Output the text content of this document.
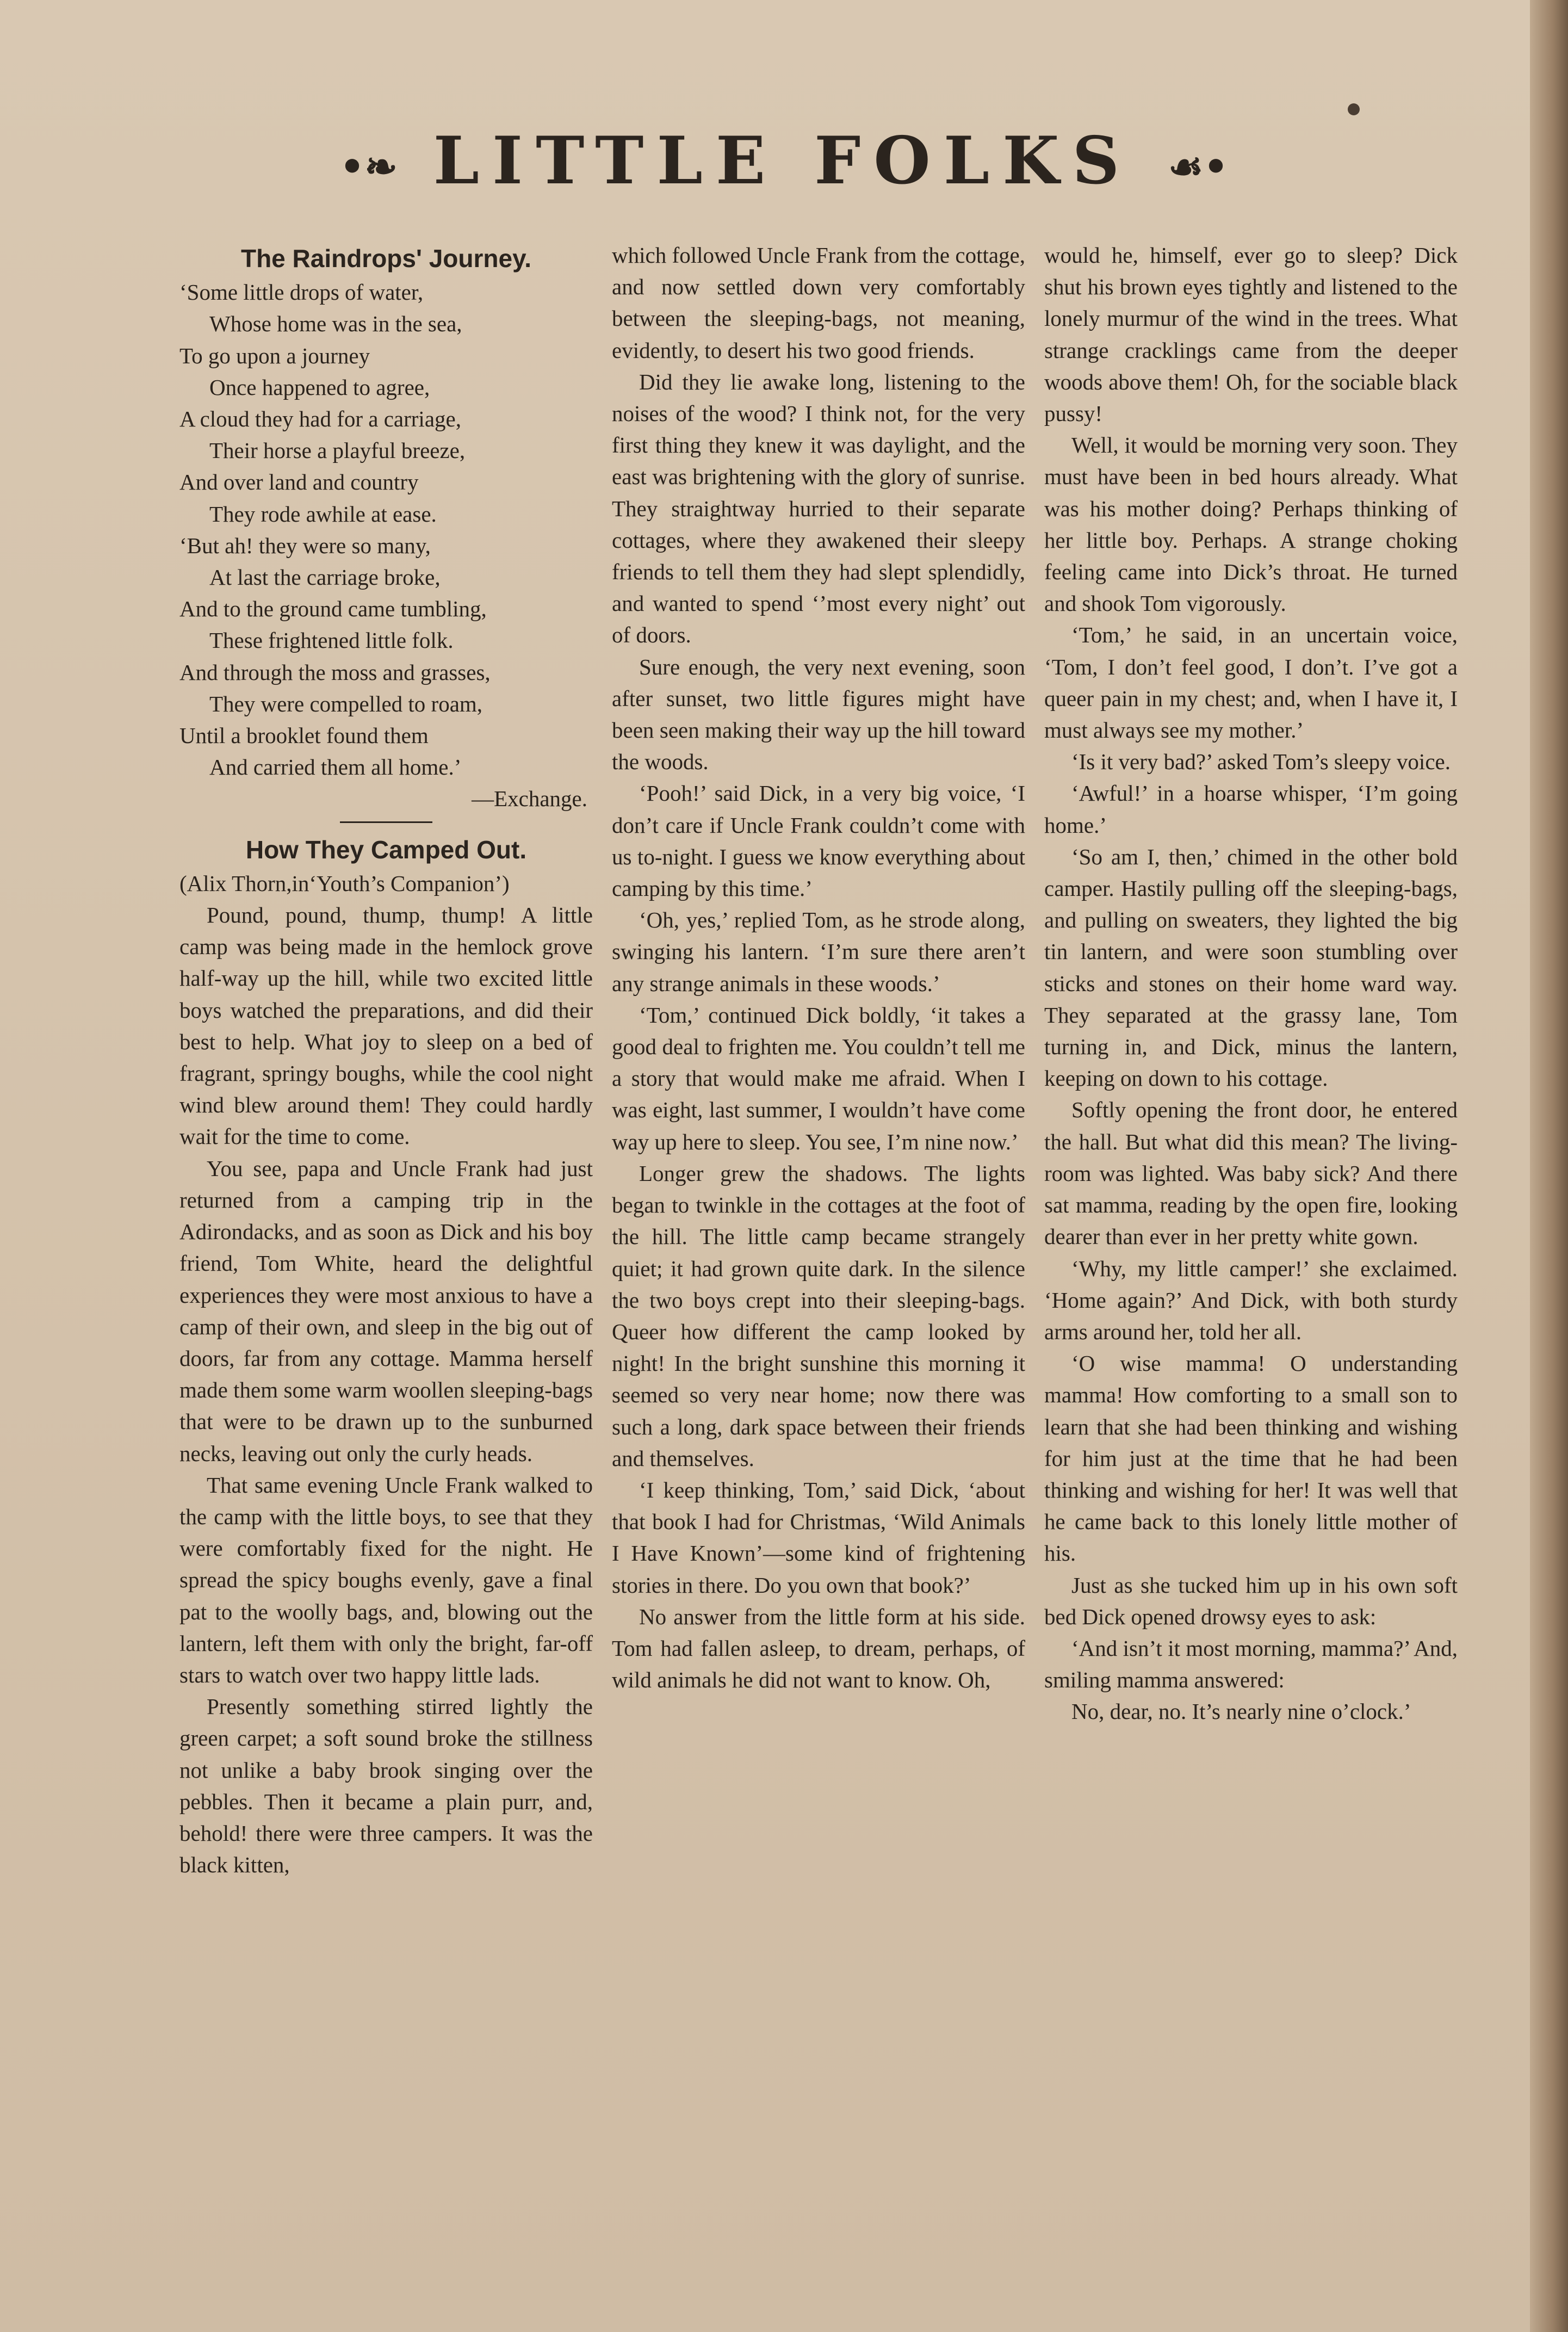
•❧ LITTLE FOLKS ☙•
The Raindrops' Journey.
‘Some little drops of water,
Whose home was in the sea,
To go upon a journey
Once happened to agree,
A cloud they had for a carriage,
Their horse a playful breeze,
And over land and country
They rode awhile at ease.
‘But ah! they were so many,
At last the carriage broke,
And to the ground came tumbling,
These frightened little folk.
And through the moss and grasses,
They were compelled to roam,
Until a brooklet found them
And carried them all home.’
—Exchange.
How They Camped Out.
(Alix Thorn,in‘Youth’s Companion’)

Pound, pound, thump, thump! A little camp was being made in the hemlock grove half-way up the hill, while two excited little boys watched the preparations, and did their best to help. What joy to sleep on a bed of fragrant, springy boughs, while the cool night wind blew around them! They could hardly wait for the time to come.

You see, papa and Uncle Frank had just returned from a camping trip in the Adirondacks, and as soon as Dick and his boy friend, Tom White, heard the delightful experiences they were most anxious to have a camp of their own, and sleep in the big out of doors, far from any cottage. Mamma herself made them some warm woollen sleeping-bags that were to be drawn up to the sunburned necks, leaving out only the curly heads.

That same evening Uncle Frank walked to the camp with the little boys, to see that they were comfortably fixed for the night. He spread the spicy boughs evenly, gave a final pat to the woolly bags, and, blowing out the lantern, left them with only the bright, far-off stars to watch over two happy little lads.

Presently something stirred lightly the green carpet; a soft sound broke the stillness not unlike a baby brook singing over the pebbles. Then it became a plain purr, and, behold! there were three campers. It was the black kitten,

which followed Uncle Frank from the cottage, and now settled down very comfortably between the sleeping-bags, not meaning, evidently, to desert his two good friends.

Did they lie awake long, listening to the noises of the wood? I think not, for the very first thing they knew it was daylight, and the east was brightening with the glory of sunrise. They straightway hurried to their separate cottages, where they awakened their sleepy friends to tell them they had slept splendidly, and wanted to spend ‘’most every night’ out of doors.

Sure enough, the very next evening, soon after sunset, two little figures might have been seen making their way up the hill toward the woods.

‘Pooh!’ said Dick, in a very big voice, ‘I don’t care if Uncle Frank couldn’t come with us to-night. I guess we know everything about camping by this time.’

‘Oh, yes,’ replied Tom, as he strode along, swinging his lantern. ‘I’m sure there aren’t any strange animals in these woods.’

‘Tom,’ continued Dick boldly, ‘it takes a good deal to frighten me. You couldn’t tell me a story that would make me afraid. When I was eight, last summer, I wouldn’t have come way up here to sleep. You see, I’m nine now.’

Longer grew the shadows. The lights began to twinkle in the cottages at the foot of the hill. The little camp became strangely quiet; it had grown quite dark. In the silence the two boys crept into their sleeping-bags. Queer how different the camp looked by night! In the bright sunshine this morning it seemed so very near home; now there was such a long, dark space between their friends and themselves.

‘I keep thinking, Tom,’ said Dick, ‘about that book I had for Christmas, ‘Wild Animals I Have Known’—some kind of frightening stories in there. Do you own that book?’

No answer from the little form at his side. Tom had fallen asleep, to dream, perhaps, of wild animals he did not want to know. Oh,

would he, himself, ever go to sleep? Dick shut his brown eyes tightly and listened to the lonely murmur of the wind in the trees. What strange cracklings came from the deeper woods above them! Oh, for the sociable black pussy!

Well, it would be morning very soon. They must have been in bed hours already. What was his mother doing? Perhaps thinking of her little boy. Perhaps. A strange choking feeling came into Dick’s throat. He turned and shook Tom vigorously.

‘Tom,’ he said, in an uncertain voice, ‘Tom, I don’t feel good, I don’t. I’ve got a queer pain in my chest; and, when I have it, I must always see my mother.’

‘Is it very bad?’ asked Tom’s sleepy voice.

‘Awful!’ in a hoarse whisper, ‘I’m going home.’

‘So am I, then,’ chimed in the other bold camper. Hastily pulling off the sleeping-bags, and pulling on sweaters, they lighted the big tin lantern, and were soon stumbling over sticks and stones on their home ward way. They separated at the grassy lane, Tom turning in, and Dick, minus the lantern, keeping on down to his cottage.

Softly opening the front door, he entered the hall. But what did this mean? The living-room was lighted. Was baby sick? And there sat mamma, reading by the open fire, looking dearer than ever in her pretty white gown.

‘Why, my little camper!’ she exclaimed. ‘Home again?’ And Dick, with both sturdy arms around her, told her all.

‘O wise mamma! O understanding mamma! How comforting to a small son to learn that she had been thinking and wishing for him just at the time that he had been thinking and wishing for her! It was well that he came back to this lonely little mother of his.

Just as she tucked him up in his own soft bed Dick opened drowsy eyes to ask:

‘And isn’t it most morning, mamma?’ And, smiling mamma answered:

No, dear, no. It’s nearly nine o’clock.’
